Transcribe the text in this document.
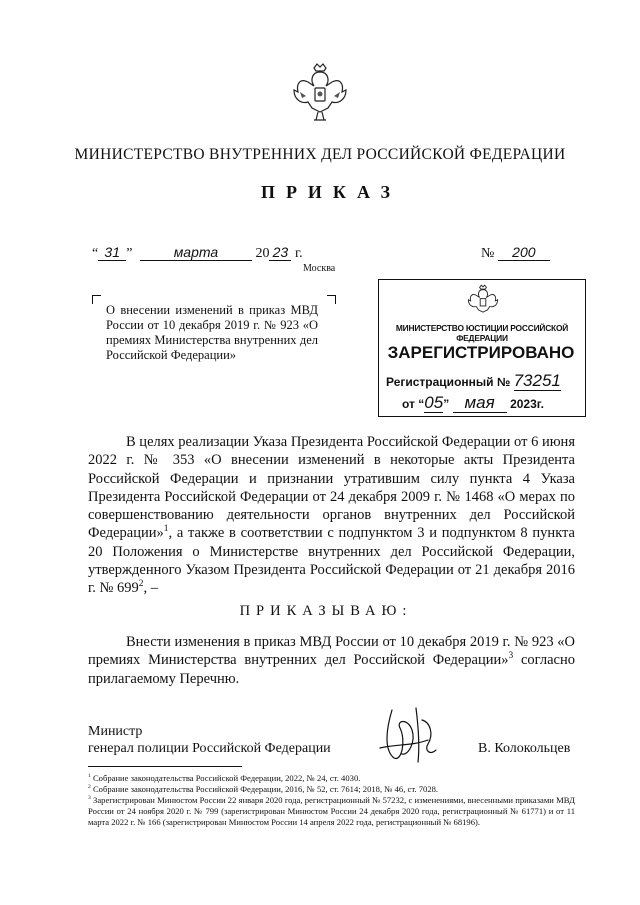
МИНИСТЕРСТВО ВНУТРЕННИХ ДЕЛ РОССИЙСКОЙ ФЕДЕРАЦИИ
ПРИКАЗ
“ 31 ”	марта	20 23 г.	№ 200
Москва
О внесении изменений в приказ МВД России от 10 декабря 2019 г. № 923 «О премиях Министерства внутренних дел Российской Федерации»
МИНИСТЕРСТВО ЮСТИЦИИ РОССИЙСКОЙ ФЕДЕРАЦИИ
ЗАРЕГИСТРИРОВАНО
Регистрационный № 73251
от “05” мая 2023г.
В целях реализации Указа Президента Российской Федерации от 6 июня 2022 г. № 353 «О внесении изменений в некоторые акты Президента Российской Федерации и признании утратившим силу пункта 4 Указа Президента Российской Федерации от 24 декабря 2009 г. № 1468 «О мерах по совершенствованию деятельности органов внутренних дел Российской Федерации»$^1$, а также в соответствии с подпунктом 3 и подпунктом 8 пункта 20 Положения о Министерстве внутренних дел Российской Федерации, утвержденного Указом Президента Российской Федерации от 21 декабря 2016 г. № $699^2$, –
ПРИКАЗЫВАЮ:
Внести изменения в приказ МВД России от 10 декабря 2019 г. № 923 «О премиях Министерства внутренних дел Российской Федерации»$^3$ согласно прилагаемому Перечню.
Министр
генерал полиции Российской Федерации	В. Колокольцев
$^1$ Собрание законодательства Российской Федерации, 2022, № 24, ст. 4030.
$^2$ Собрание законодательства Российской Федерации, 2016, № 52, ст. 7614; 2018, № 46, ст. 7028.
$^3$ Зарегистрирован Минюстом России 22 января 2020 года, регистрационный № 57232, с изменениями, внесенными приказами МВД России от 24 ноября 2020 г. № 799 (зарегистрирован Минюстом России 24 декабря 2020 года, регистрационный № 61771) и от 11 марта 2022 г. № 166 (зарегистрирован Минюстом России 14 апреля 2022 года, регистрационный № 68196).
